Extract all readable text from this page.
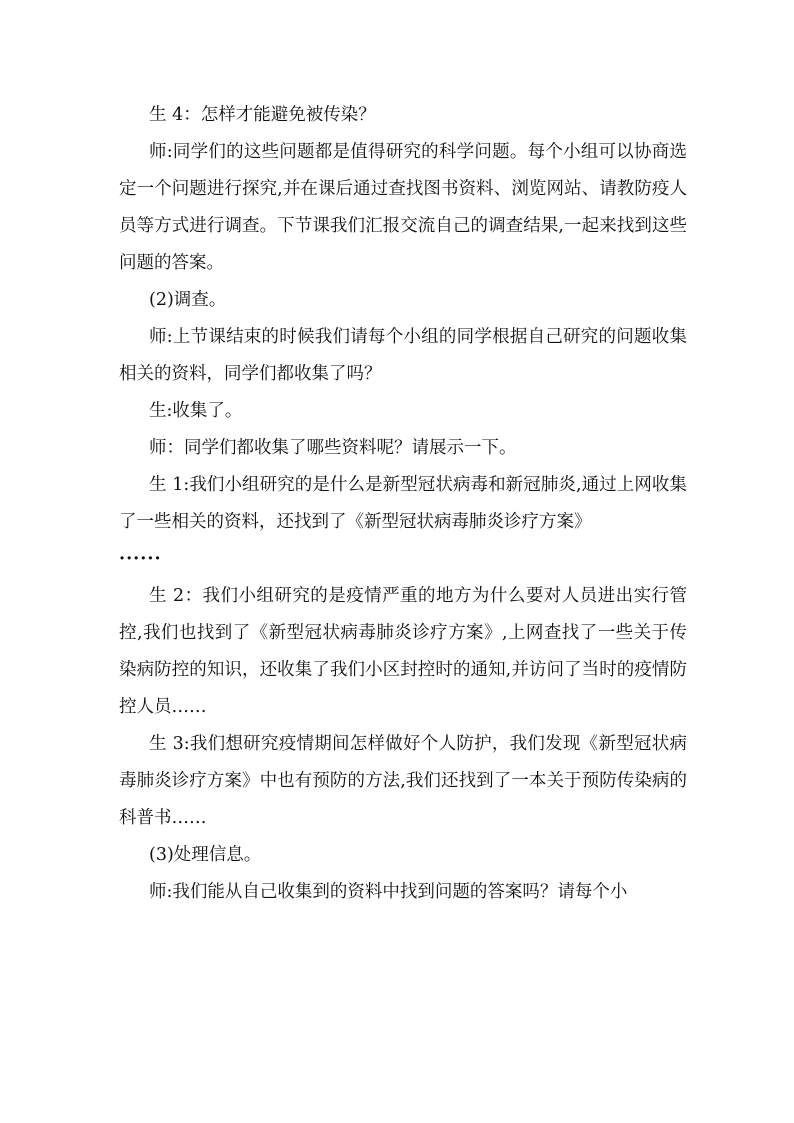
生 4：怎样才能避免被传染？

师:同学们的这些问题都是值得研究的科学问题。每个小组可以协商选定一个问题进行探究,并在课后通过查找图书资料、浏览网站、请教防疫人员等方式进行调查。下节课我们汇报交流自己的调查结果,一起来找到这些问题的答案。

(2)调查。

师:上节课结束的时候我们请每个小组的同学根据自己研究的问题收集相关的资料，同学们都收集了吗？

生:收集了。

师：同学们都收集了哪些资料呢？请展示一下。

生 1:我们小组研究的是什么是新型冠状病毒和新冠肺炎,通过上网收集了一些相关的资料，还找到了《新型冠状病毒肺炎诊疗方案》

······

生 2：我们小组研究的是疫情严重的地方为什么要对人员进出实行管控,我们也找到了《新型冠状病毒肺炎诊疗方案》,上网查找了一些关于传染病防控的知识，还收集了我们小区封控时的通知,并访问了当时的疫情防控人员……

生 3:我们想研究疫情期间怎样做好个人防护，我们发现《新型冠状病毒肺炎诊疗方案》中也有预防的方法,我们还找到了一本关于预防传染病的科普书……

(3)处理信息。

师:我们能从自己收集到的资料中找到问题的答案吗？请每个小
